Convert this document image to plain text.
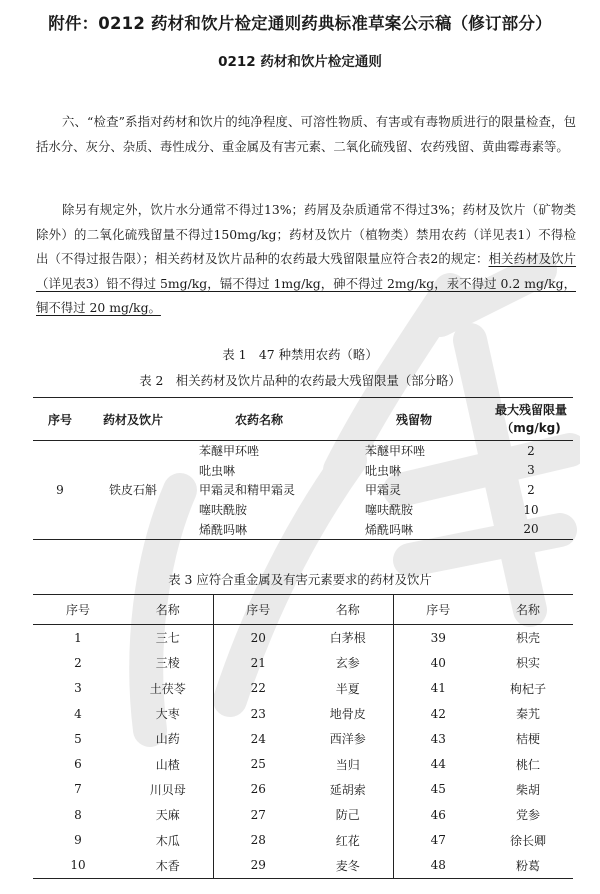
附件：0212 药材和饮片检定通则药典标准草案公示稿（修订部分）
0212 药材和饮片检定通则
六、“检查”系指对药材和饮片的纯净程度、可溶性物质、有害或有毒物质进行的限量检查，包括水分、灰分、杂质、毒性成分、重金属及有害元素、二氧化硫残留、农药残留、黄曲霉毒素等。
除另有规定外，饮片水分通常不得过13%；药屑及杂质通常不得过3%；药材及饮片（矿物类除外）的二氧化硫残留量不得过150mg/kg；药材及饮片（植物类）禁用农药（详见表1）不得检出（不得过报告限）；相关药材及饮片品种的农药最大残留限量应符合表2的规定：相关药材及饮片（详见表3）铅不得过 5mg/kg，镉不得过 1mg/kg，砷不得过 2mg/kg，汞不得过 0.2 mg/kg，铜不得过 20 mg/kg。
表 1　47 种禁用农药（略）
表 2　相关药材及饮片品种的农药最大残留限量（部分略）
序号	药材及饮片	农药名称	残留物	最大残留限量（mg/kg)
9	铁皮石斛	苯醚甲环唑	苯醚甲环唑	2
		吡虫啉	吡虫啉	3
		甲霜灵和精甲霜灵	甲霜灵	2
		噻呋酰胺	噻呋酰胺	10
		烯酰吗啉	烯酰吗啉	20
表 3 应符合重金属及有害元素要求的药材及饮片
序号	名称	序号	名称	序号	名称
1	三七	20	白茅根	39	枳壳
2	三棱	21	玄参	40	枳实
3	土茯苓	22	半夏	41	枸杞子
4	大枣	23	地骨皮	42	秦艽
5	山药	24	西洋参	43	桔梗
6	山楂	25	当归	44	桃仁
7	川贝母	26	延胡索	45	柴胡
8	天麻	27	防己	46	党参
9	木瓜	28	红花	47	徐长卿
10	木香	29	麦冬	48	粉葛
